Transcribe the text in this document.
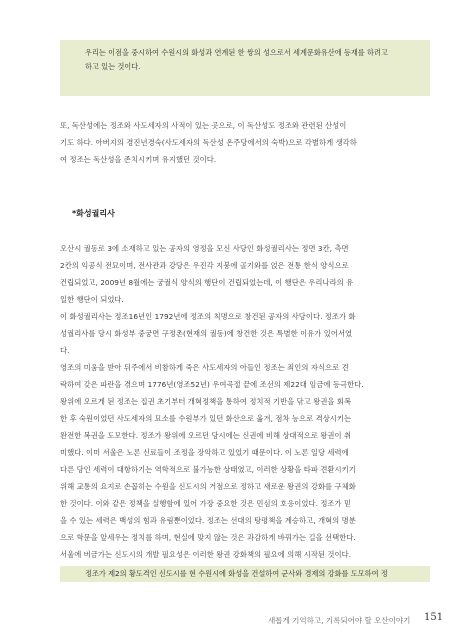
우리는 이점을 중시하여 수원시의 화성과 연계된 한 쌍의 성으로서 세계문화유산에 등재를 하려고
하고 있는 것이다.
또, 독산성에는 정조와 사도세자의 사적이 있는 곳으로, 이 독산성도 정조와 관련된 산성이
기도 하다. 아버지의 경진년경숙(사도세자의 독산성 온주당에서의 숙박)으로 각별하게 생각하
여 정조는 독산성을 존치시키며 유지했던 것이다.
*화성궐리사
오산시 궐동로 3에 소재하고 있는 공자의 영정을 모신 사당인 화성궐리사는 정면 3칸, 측면
2칸의 익공식 전묘이며, 전사관과 강당은 우진각 지붕에 골기와를 얹은 전통 한식 양식으로
건립되었고, 2009년 8월에는 궁궐식 양식의 행단이 건립되었는데, 이 행단은 우리나라의 유
일한 행단이 되었다.
이 화성궐리사는 정조16년인 1792년에 정조의 칙명으로 창건된 공자의 사당이다. 정조가 화
성궐리사를 당시 화성부 중궁면 구정촌(현재의 궐동)에 창건한 것은 특별한 이유가 있어서였
다.
영조의 미움을 받아 뒤주에서 비참하게 죽은 사도세자의 아들인 정조는 죄인의 자식으로 견
락하여 갖은 파란을 겪으며 1776년(영조52년) 우여곡절 끝에 조선의 제22대 임금에 등극한다.
왕위에 오르게 된 정조는 집권 초기부터 개혁정책을 통하여 정치적 기반을 닦고 왕권을 회복
한 후 숙원이었던 사도세자의 묘소를 수원부가 있던 화산으로 옮겨, 점차 능으로 격상시키는
완전한 복권을 도모한다. 정조가 왕위에 오르던 당시에는 신권에 비해 상대적으로 왕권이 취
미했다. 이미 서울은 노론 신료들이 조정을 장악하고 있었기 때문이다. 이 노론 일당 세력에
다른 당인 세력이 대항하기는 역학적으로 불가능한 상태였고, 이러한 상황을 타파 견환시키기
위해 교통의 요지로 손꼽히는 수원을 신도시의 거점으로 정하고 새로운 왕권의 강화를 구체화
한 것이다. 이와 같은 정책을 실행함에 있어 가장 중요한 것은 민심의 호응이었다. 정조가 믿
을 수 있는 세력은 백성의 힘과 유림뿐이었다. 정조는 선대의 탕평책을 계승하고, 개혁의 명분
으로 학문을 앞세우는 정치를 하며, 현실에 맞지 않는 것은 과감하게 바꿔가는 길을 선택한다.
서울에 버금가는 신도시의 개발 필요성은 이러한 왕권 강화책의 필요에 의해 시작된 것이다.
정조가 제2의 황도격인 신도시를 현 수원시에 화성을 건설하여 군사와 경제의 강화를 도모하여 정
새롭게 기억하고, 기록되어야 할 오산이야기 151
